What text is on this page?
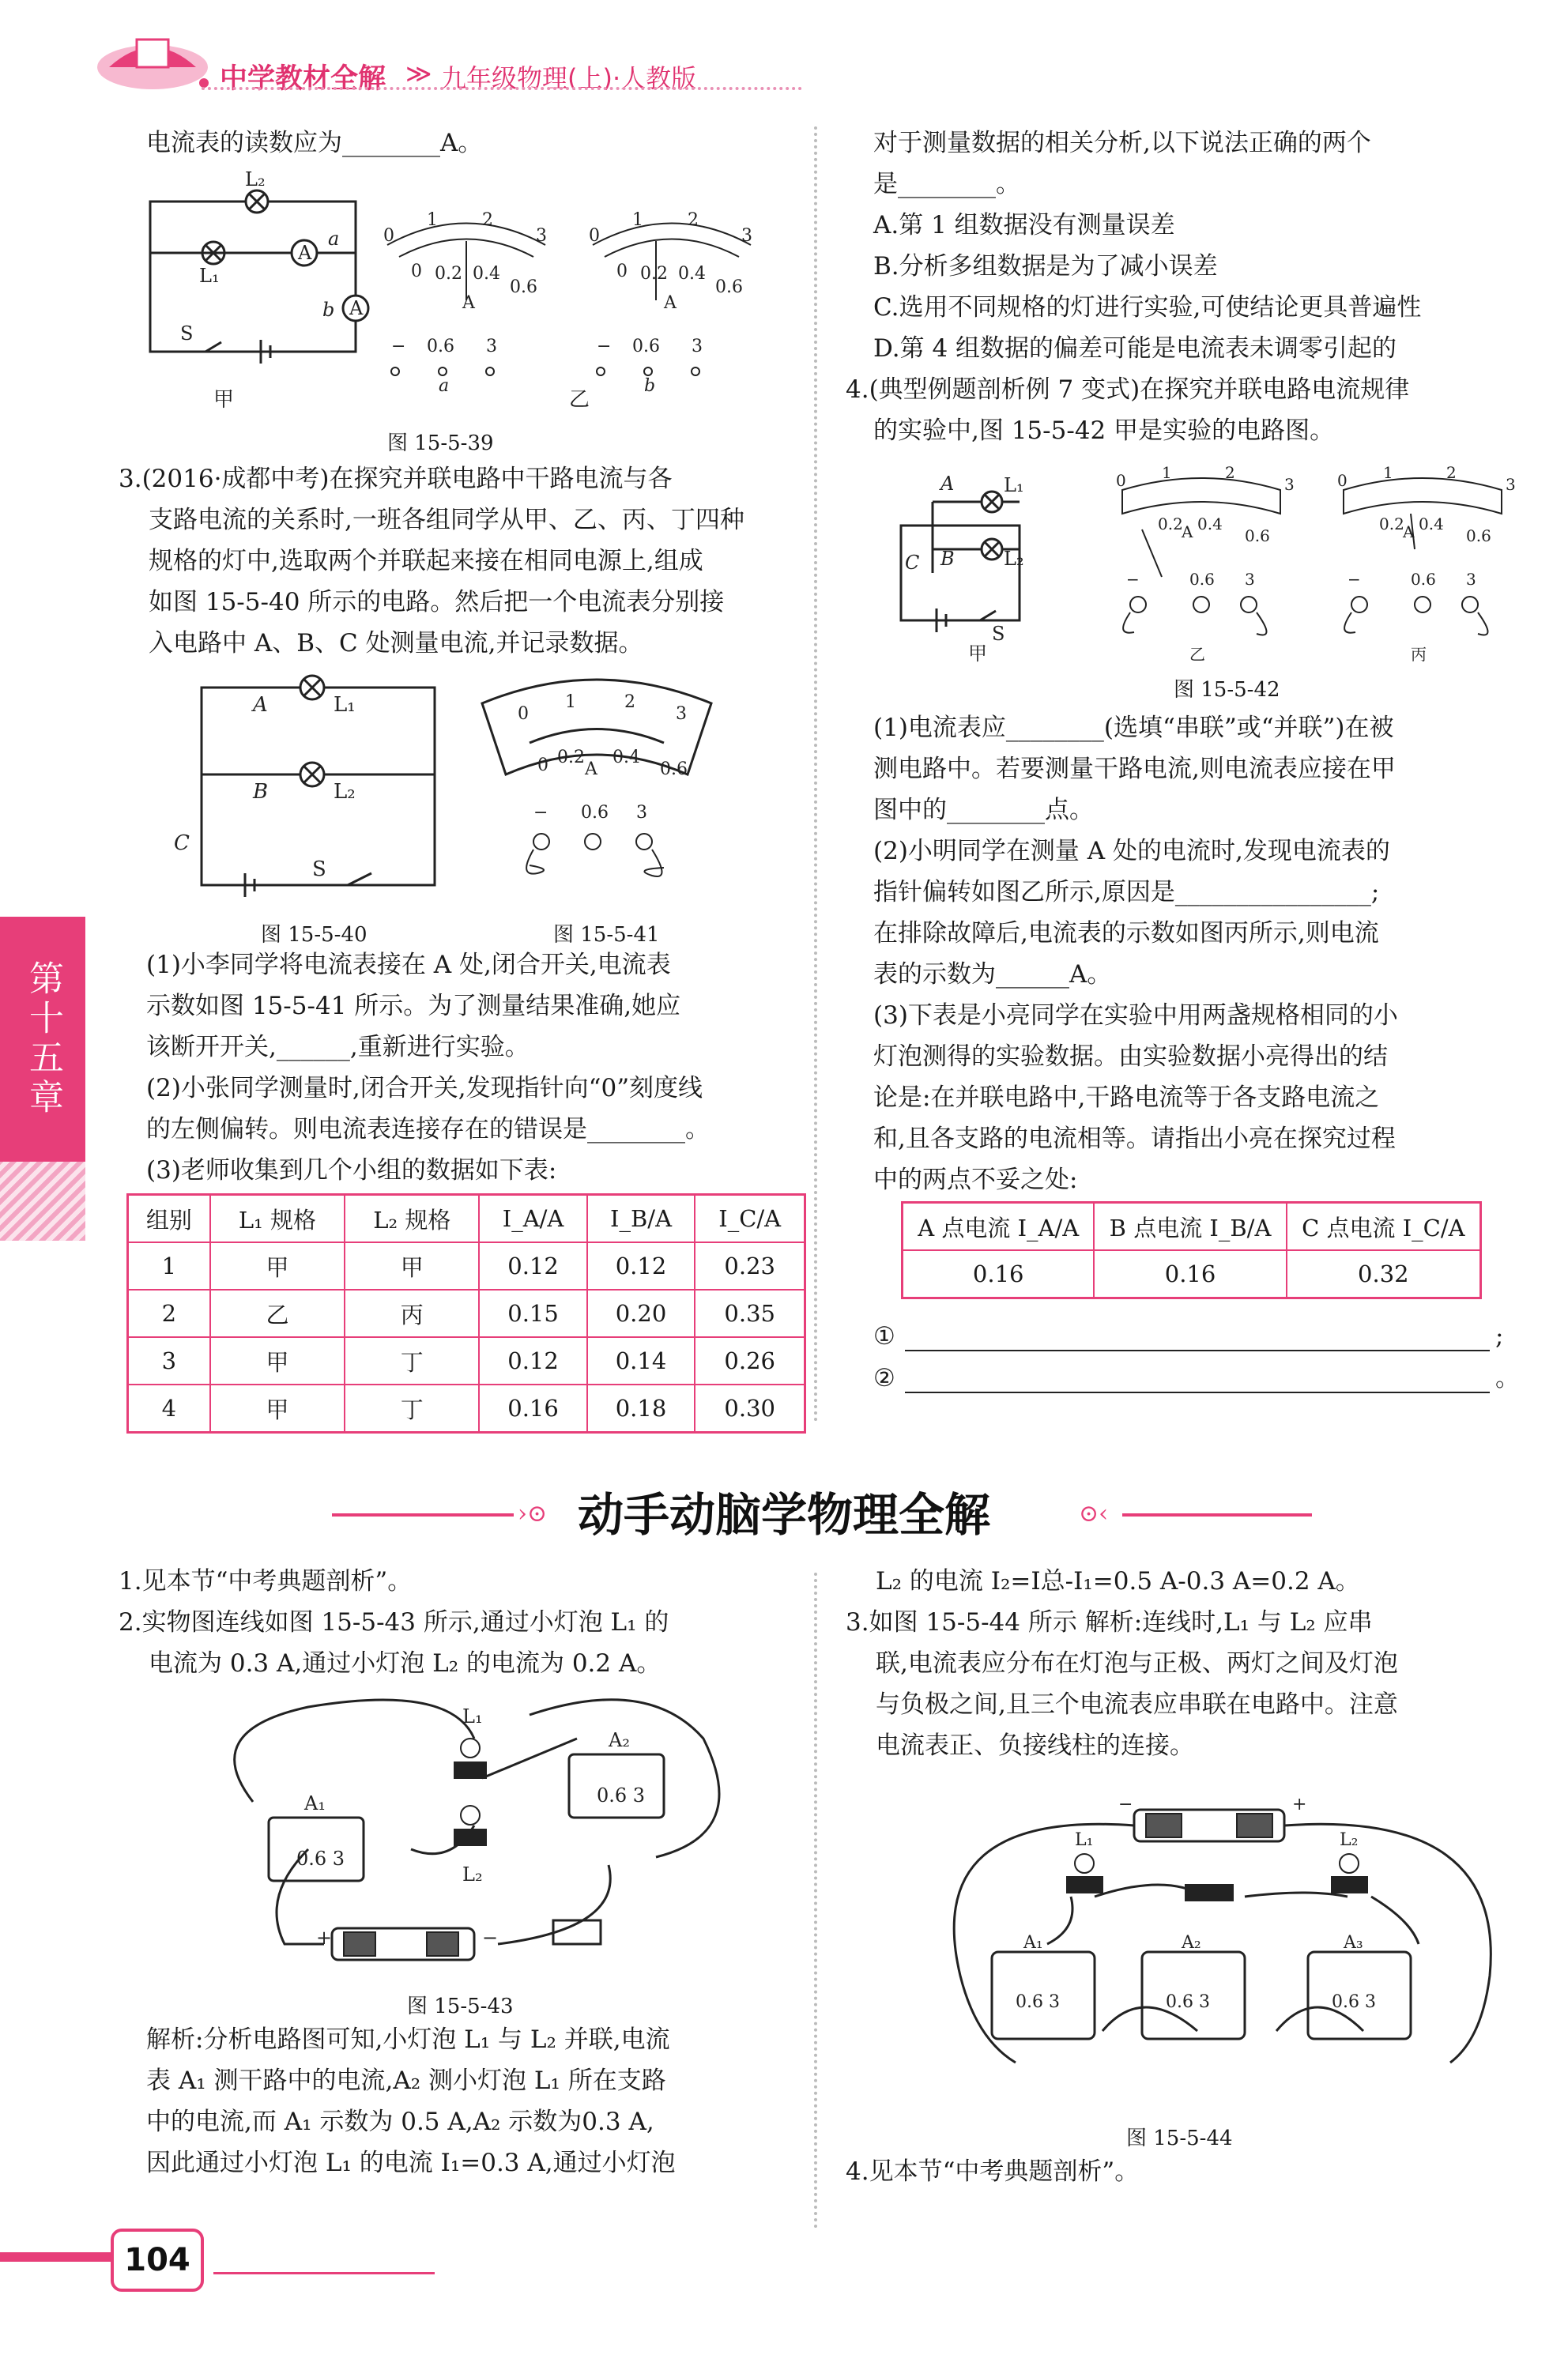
中学教材全解 ≫ 九年级物理(上)·人教版
第十五章
电流表的读数应为________A。
L₂
L₁
A
A
a
b
S
0
1	2
3
0 0.2 0.4
0.6
A
− 0.6 3
a
0
1	2
3
0 0.2 0.4
0.6
A
− 0.6 3
b
甲	乙
图 15-5-39
3.(2016·成都中考)在探究并联电路中干路电流与各
支路电流的关系时,一班各组同学从甲、乙、丙、丁四种
规格的灯中,选取两个并联起来接在相同电源上,组成
如图 15-5-40 所示的电路。然后把一个电流表分别接
入电路中 A、B、C 处测量电流,并记录数据。
A	L₁
B	L₂
C
S
0
1	2
3
0 0.2 0.4
0.6
A
− 0.6 3
图 15-5-40	图 15-5-41
(1)小李同学将电流表接在 A 处,闭合开关,电流表
示数如图 15-5-41 所示。为了测量结果准确,她应
该断开开关,______,重新进行实验。
(2)小张同学测量时,闭合开关,发现指针向“0”刻度线
的左侧偏转。则电流表连接存在的错误是________。
(3)老师收集到几个小组的数据如下表:
组别	L₁ 规格	L₂ 规格	I_A/A	I_B/A	I_C/A
1	甲	甲	0.12	0.12	0.23
2	乙	丙	0.15	0.20	0.35
3	甲	丁	0.12	0.14	0.26
4	甲	丁	0.16	0.18	0.30
对于测量数据的相关分析,以下说法正确的两个
是________。
A.第 1 组数据没有测量误差
B.分析多组数据是为了减小误差
C.选用不同规格的灯进行实验,可使结论更具普遍性
D.第 4 组数据的偏差可能是电流表未调零引起的
4.(典型例题剖析例 7 变式)在探究并联电路电流规律
的实验中,图 15-5-42 甲是实验的电路图。
A	L₁
B	L₂
C
S
甲
0 1	2
3
0.2 0.4
0.6
A
−	0.6 3
乙
0 1	2
3
0.2 0.4
0.6
A
−	0.6 3
丙
图 15-5-42
(1)电流表应________(选填“串联”或“并联”)在被
测电路中。若要测量干路电流,则电流表应接在甲
图中的________点。
(2)小明同学在测量 A 处的电流时,发现电流表的
指针偏转如图乙所示,原因是________________;
在排除故障后,电流表的示数如图丙所示,则电流
表的示数为______A。
(3)下表是小亮同学在实验中用两盏规格相同的小
灯泡测得的实验数据。由实验数据小亮得出的结
论是:在并联电路中,干路电流等于各支路电流之
和,且各支路的电流相等。请指出小亮在探究过程
中的两点不妥之处:
A 点电流 I_A/A	B 点电流 I_B/A	C 点电流 I_C/A
0.16	0.16	0.32
①	;
②	。
›⊙ 动手动脑学物理全解	⊙‹
1.见本节“中考典题剖析”。
2.实物图连线如图 15-5-43 所示,通过小灯泡 L₁ 的
电流为 0.3 A,通过小灯泡 L₂ 的电流为 0.2 A。
A₁
0.6 3
A₂
0.6 3
L₁
L₂
+	−
图 15-5-43
解析:分析电路图可知,小灯泡 L₁ 与 L₂ 并联,电流
表 A₁ 测干路中的电流,A₂ 测小灯泡 L₁ 所在支路
中的电流,而 A₁ 示数为 0.5 A,A₂ 示数为0.3 A,
因此通过小灯泡 L₁ 的电流 I₁=0.3 A,通过小灯泡
L₂ 的电流 I₂=I总-I₁=0.5 A-0.3 A=0.2 A。
3.如图 15-5-44 所示 解析:连线时,L₁ 与 L₂ 应串
联,电流表应分布在灯泡与正极、两灯之间及灯泡
与负极之间,且三个电流表应串联在电路中。注意
电流表正、负接线柱的连接。
L₁	L₂
A₁	A₂	A₃
0.6 3	0.6 3	0.6 3
−	+
图 15-5-44
4.见本节“中考典题剖析”。
104
